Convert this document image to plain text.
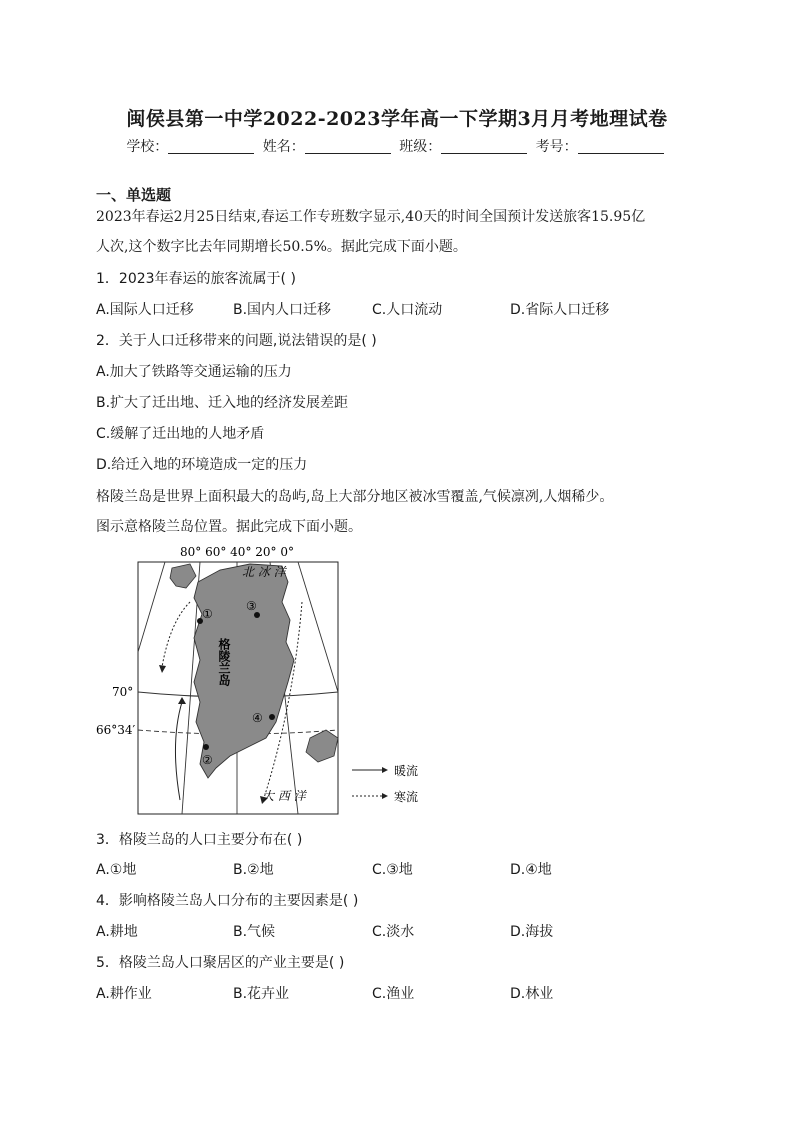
闽侯县第一中学2022-2023学年高一下学期3月月考地理试卷
学校：	姓名：	班级：	考号：
一、单选题
2023年春运2月25日结束,春运工作专班数字显示,40天的时间全国预计发送旅客15.95亿
人次,这个数字比去年同期增长50.5%。据此完成下面小题。
1．2023年春运的旅客流属于( )
A.国际人口迁移	B.国内人口迁移	C.人口流动	D.省际人口迁移
2．关于人口迁移带来的问题,说法错误的是( )
A.加大了铁路等交通运输的压力
B.扩大了迁出地、迁入地的经济发展差距
C.缓解了迁出地的人地矛盾
D.给迁入地的环境造成一定的压力
格陵兰岛是世界上面积最大的岛屿,岛上大部分地区被冰雪覆盖,气候凛冽,人烟稀少。
图示意格陵兰岛位置。据此完成下面小题。
80° 60° 40° 20° 0°
北 冰 洋
大 西 洋
格陵兰岛
70°
66°34′
①
②
③
④
暖流
寒流
3．格陵兰岛的人口主要分布在( )
A.①地	B.②地	C.③地	D.④地
4．影响格陵兰岛人口分布的主要因素是( )
A.耕地	B.气候	C.淡水	D.海拔
5．格陵兰岛人口聚居区的产业主要是( )
A.耕作业	B.花卉业	C.渔业	D.林业
